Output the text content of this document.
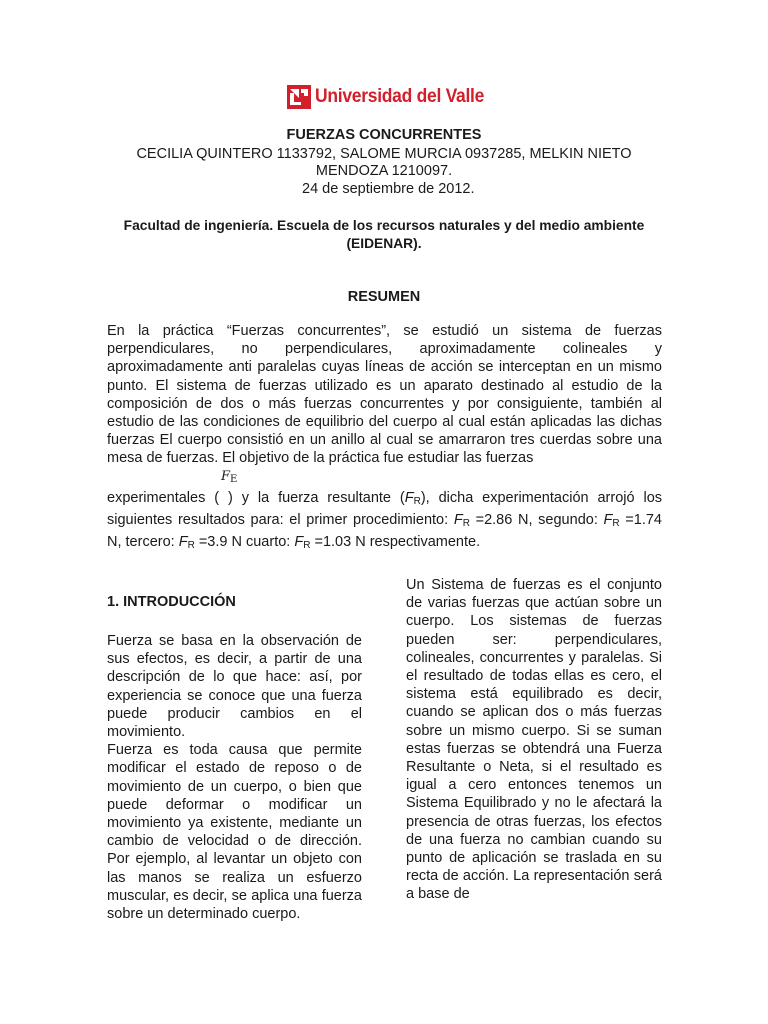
Universidad del Valle
FUERZAS CONCURRENTES
CECILIA QUINTERO 1133792, SALOME MURCIA 0937285, MELKIN NIETO MENDOZA 1210097.
24 de septiembre de 2012.
Facultad de ingeniería. Escuela de los recursos naturales y del medio ambiente (EIDENAR).
RESUMEN

En la práctica “Fuerzas concurrentes”, se estudió un sistema de fuerzas perpendiculares, no perpendiculares, aproximadamente colineales y aproximadamente anti paralelas cuyas líneas de acción se interceptan en un mismo punto. El sistema de fuerzas utilizado es un aparato destinado al estudio de la composición de dos o más fuerzas concurrentes y por consiguiente, también al estudio de las condiciones de equilibrio del cuerpo al cual están aplicadas las dichas fuerzas El cuerpo consistió en un anillo al cual se amarraron tres cuerdas sobre una mesa de fuerzas. El objetivo de la práctica fue estudiar las fuerzas

$F_E$

experimentales ( ) y la fuerza resultante $(F_R)$, dicha experimentación arrojó los siguientes resultados para: el primer procedimiento: $F_R =2.86$ N, segundo: $F_R =1.74$ N, tercero: $F_R =3.9$ N cuarto: $F_R =1.03$ N respectivamente.

1. INTRODUCCIÓN

Fuerza se basa en la observación de sus efectos, es decir, a partir de una descripción de lo que hace: así, por experiencia se conoce que una fuerza puede producir cambios en el movimiento.

Fuerza es toda causa que permite modificar el estado de reposo o de movimiento de un cuerpo, o bien que puede deformar o modificar un movimiento ya existente, mediante un cambio de velocidad o de dirección. Por ejemplo, al levantar un objeto con las manos se realiza un esfuerzo muscular, es decir, se aplica una fuerza sobre un determinado cuerpo.

Un Sistema de fuerzas es el conjunto de varias fuerzas que actúan sobre un cuerpo. Los sistemas de fuerzas pueden ser: perpendiculares, colineales, concurrentes y paralelas. Si el resultado de todas ellas es cero, el sistema está equilibrado es decir, cuando se aplican dos o más fuerzas sobre un mismo cuerpo. Si se suman estas fuerzas se obtendrá una Fuerza Resultante o Neta, si el resultado es igual a cero entonces tenemos un Sistema Equilibrado y no le afectará la presencia de otras fuerzas, los efectos de una fuerza no cambian cuando su punto de aplicación se traslada en su recta de acción. La representación será a base de
